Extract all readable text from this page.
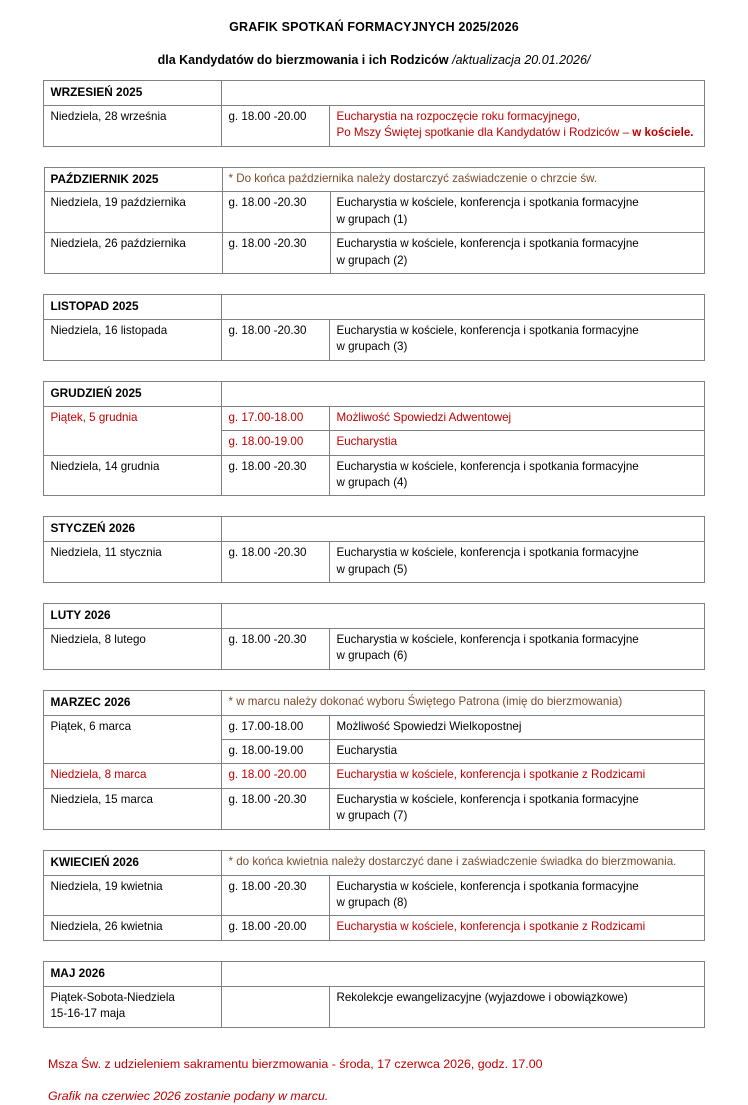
GRAFIK SPOTKAŃ FORMACYJNYCH 2025/2026
dla Kandydatów do bierzmowania i ich Rodziców /aktualizacja 20.01.2026/
WRZESIEŃ 2025		
Niedziela, 28 września	g. 18.00 -20.00	Eucharystia na rozpoczęcie roku formacyjnego,
Po Mszy Świętej spotkanie dla Kandydatów i Rodziców – w kościele.
PAŹDZIERNIK 2025	* Do końca października należy dostarczyć zaświadczenie o chrzcie św.	
Niedziela, 19 października	g. 18.00 -20.30	Eucharystia w kościele, konferencja i spotkania formacyjne
w grupach (1)
Niedziela, 26 października	g. 18.00 -20.30	Eucharystia w kościele, konferencja i spotkania formacyjne
w grupach (2)
LISTOPAD 2025		
Niedziela, 16 listopada	g. 18.00 -20.30	Eucharystia w kościele, konferencja i spotkania formacyjne
w grupach (3)
GRUDZIEŃ 2025		
Piątek, 5 grudnia	g. 17.00-18.00	Możliwość Spowiedzi Adwentowej
	g. 18.00-19.00	Eucharystia
Niedziela, 14 grudnia	g. 18.00 -20.30	Eucharystia w kościele, konferencja i spotkania formacyjne
w grupach (4)
STYCZEŃ 2026		
Niedziela, 11 stycznia	g. 18.00 -20.30	Eucharystia w kościele, konferencja i spotkania formacyjne
w grupach (5)
LUTY 2026		
Niedziela, 8 lutego	g. 18.00 -20.30	Eucharystia w kościele, konferencja i spotkania formacyjne
w grupach (6)
MARZEC 2026	* w marcu należy dokonać wyboru Świętego Patrona (imię do bierzmowania)	
Piątek, 6 marca	g. 17.00-18.00	Możliwość Spowiedzi Wielkopostnej
	g. 18.00-19.00	Eucharystia
Niedziela, 8 marca	g. 18.00 -20.00	Eucharystia w kościele, konferencja i spotkanie z Rodzicami
Niedziela, 15 marca	g. 18.00 -20.30	Eucharystia w kościele, konferencja i spotkania formacyjne
w grupach (7)
KWIECIEŃ 2026	* do końca kwietnia należy dostarczyć dane i zaświadczenie świadka do bierzmowania.	
Niedziela, 19 kwietnia	g. 18.00 -20.30	Eucharystia w kościele, konferencja i spotkania formacyjne
w grupach (8)
Niedziela, 26 kwietnia	g. 18.00 -20.00	Eucharystia w kościele, konferencja i spotkanie z Rodzicami
MAJ 2026		
Piątek-Sobota-Niedziela
15-16-17 maja		Rekolekcje ewangelizacyjne (wyjazdowe i obowiązkowe)
Msza Św. z udzieleniem sakramentu bierzmowania - środa, 17 czerwca 2026, godz. 17.00
Grafik na czerwiec 2026 zostanie podany w marcu.
